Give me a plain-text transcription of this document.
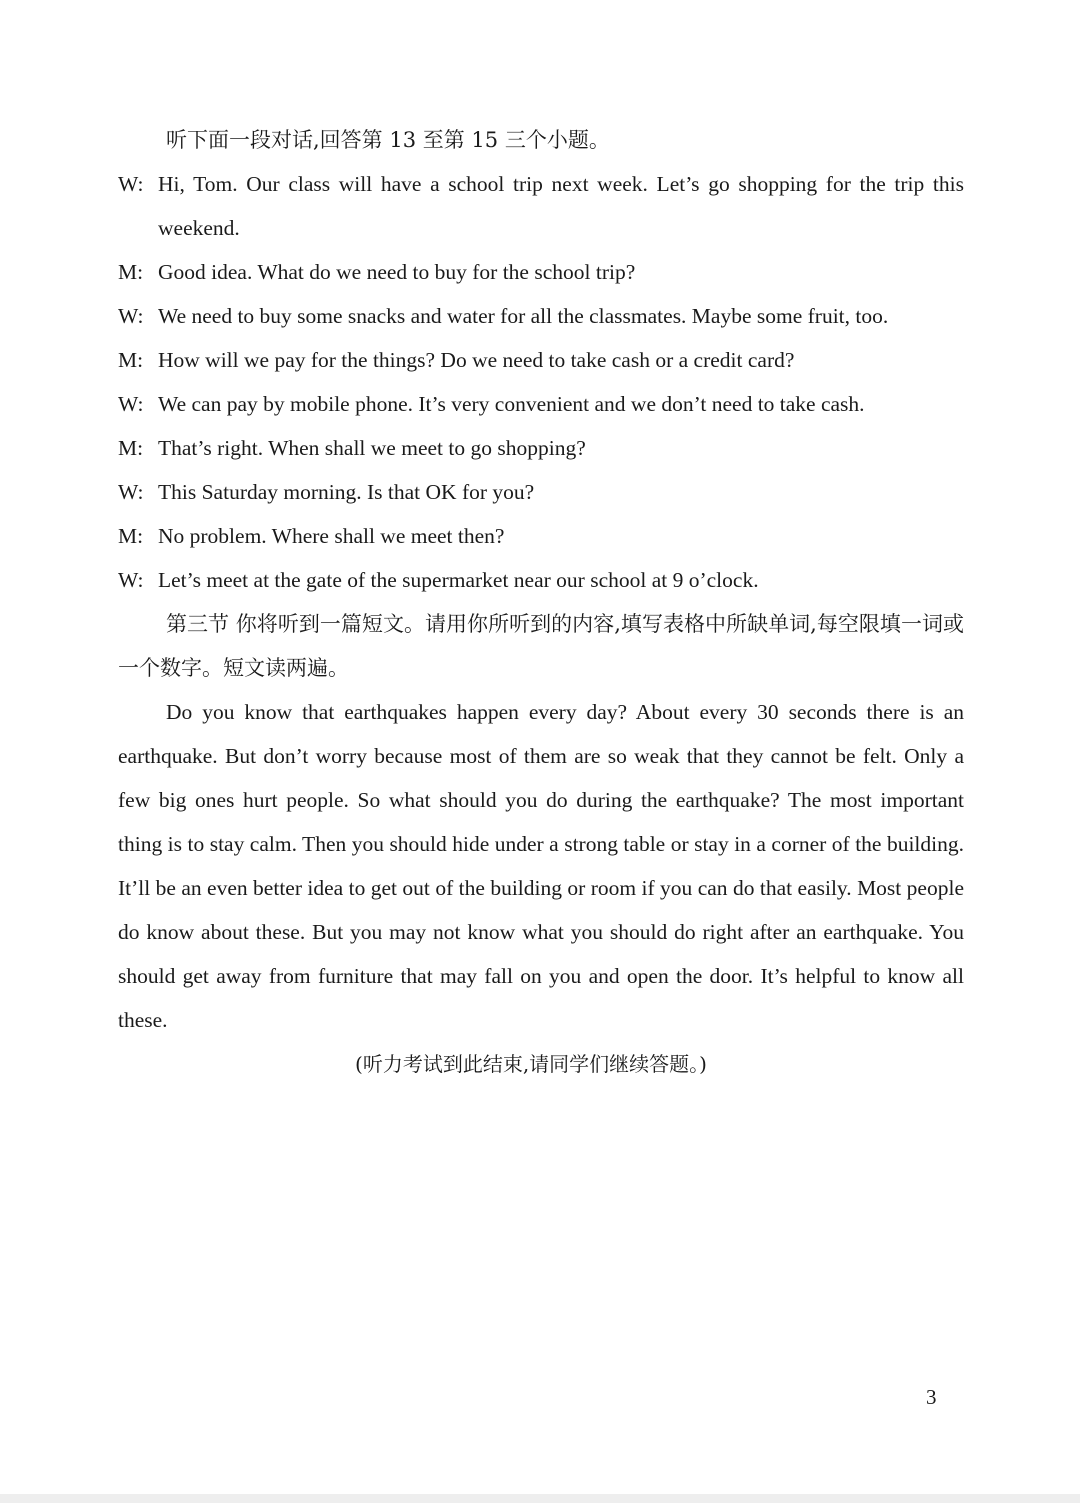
听下面一段对话,回答第 13 至第 15 三个小题。
W: Hi, Tom. Our class will have a school trip next week. Let’s go shopping for the trip this weekend.
M: Good idea. What do we need to buy for the school trip?
W: We need to buy some snacks and water for all the classmates. Maybe some fruit, too.
M: How will we pay for the things? Do we need to take cash or a credit card?
W: We can pay by mobile phone. It’s very convenient and we don’t need to take cash.
M: That’s right. When shall we meet to go shopping?
W: This Saturday morning. Is that OK for you?
M: No problem. Where shall we meet then?
W: Let’s meet at the gate of the supermarket near our school at 9 o’clock.
第三节 你将听到一篇短文。请用你所听到的内容,填写表格中所缺单词,每空限填一词或一个数字。短文读两遍。
Do you know that earthquakes happen every day? About every 30 seconds there is an earthquake. But don’t worry because most of them are so weak that they cannot be felt. Only a few big ones hurt people. So what should you do during the earthquake? The most important thing is to stay calm. Then you should hide under a strong table or stay in a corner of the building. It’ll be an even better idea to get out of the building or room if you can do that easily. Most people do know about these. But you may not know what you should do right after an earthquake. You should get away from furniture that may fall on you and open the door. It’s helpful to know all these.
(听力考试到此结束,请同学们继续答题。)
3
